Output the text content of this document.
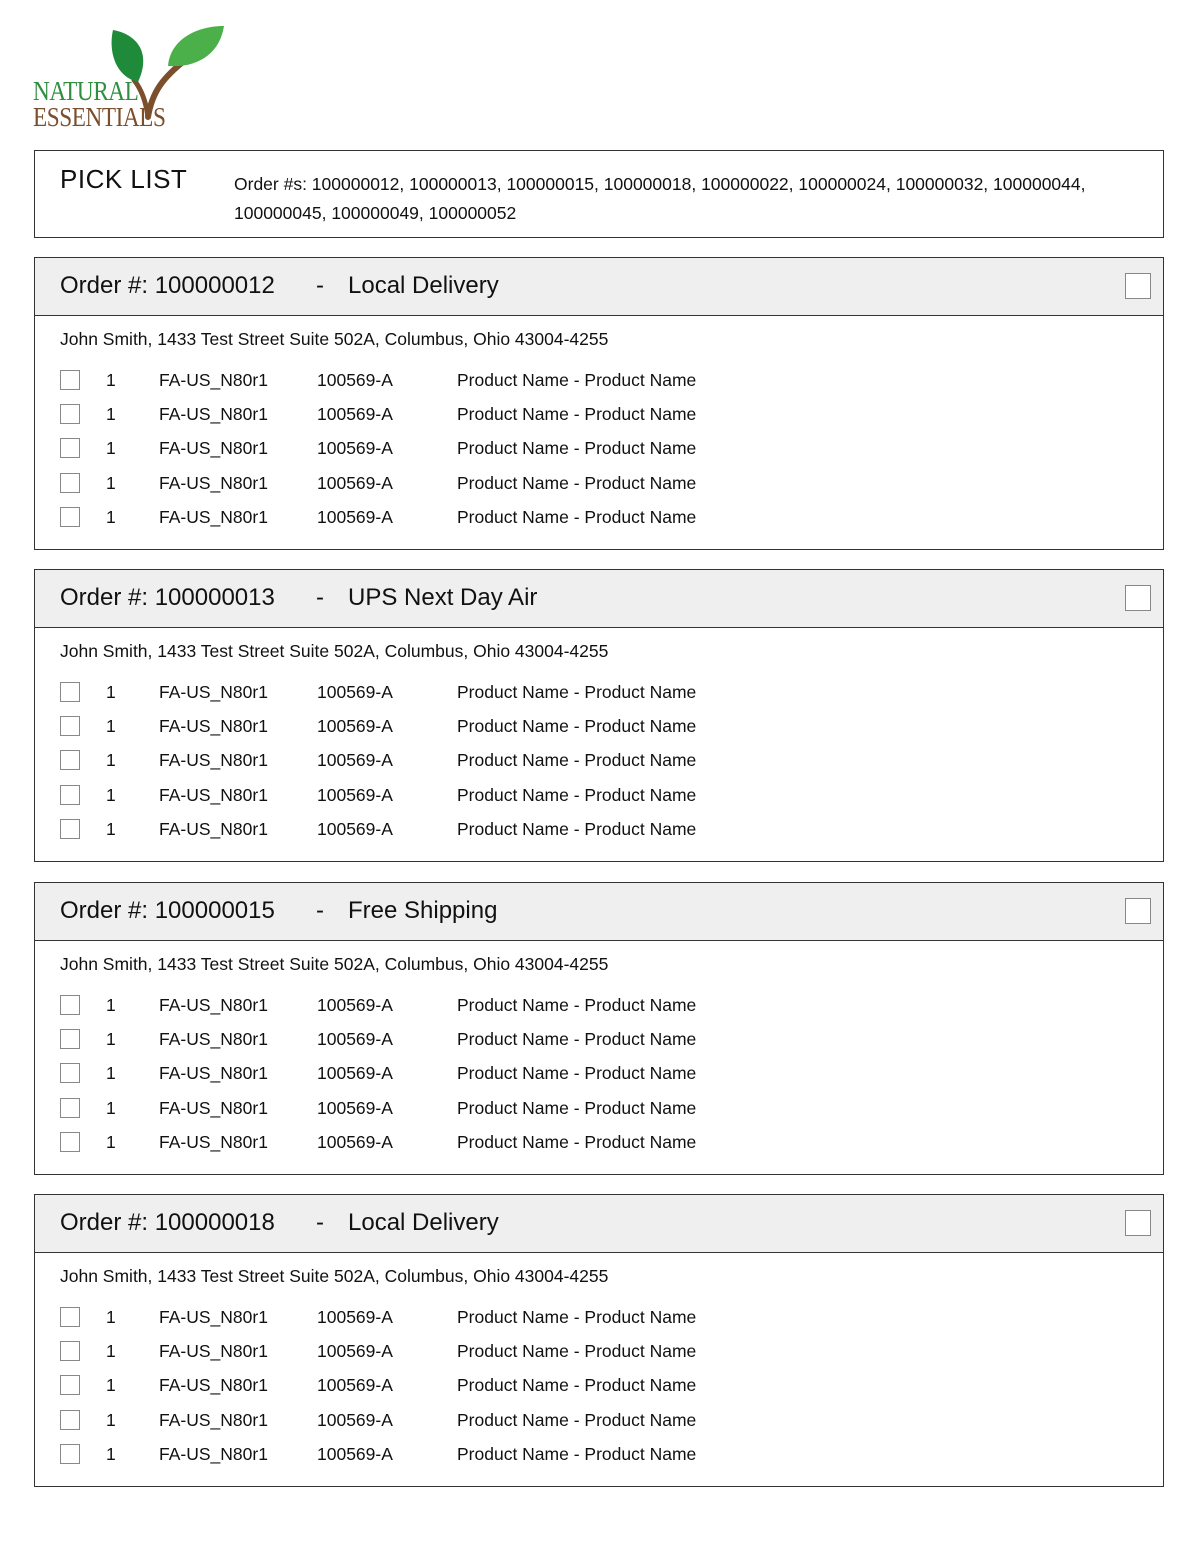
NATURAL
ESSENTIALS
PICK LIST	Order #s: 100000012, 100000013, 100000015, 100000018, 100000022, 100000024, 100000032, 100000044, 100000045, 100000049, 100000052
Order #: 100000012 - Local Delivery
John Smith, 1433 Test Street Suite 502A, Columbus, Ohio 43004-4255
1 FA-US_N80r1	100569-A	Product Name - Product Name
1 FA-US_N80r1	100569-A	Product Name - Product Name
1 FA-US_N80r1	100569-A	Product Name - Product Name
1 FA-US_N80r1	100569-A	Product Name - Product Name
1 FA-US_N80r1	100569-A	Product Name - Product Name
Order #: 100000013 - UPS Next Day Air
John Smith, 1433 Test Street Suite 502A, Columbus, Ohio 43004-4255
1 FA-US_N80r1	100569-A	Product Name - Product Name
1 FA-US_N80r1	100569-A	Product Name - Product Name
1 FA-US_N80r1	100569-A	Product Name - Product Name
1 FA-US_N80r1	100569-A	Product Name - Product Name
1 FA-US_N80r1	100569-A	Product Name - Product Name
Order #: 100000015 - Free Shipping
John Smith, 1433 Test Street Suite 502A, Columbus, Ohio 43004-4255
1 FA-US_N80r1	100569-A	Product Name - Product Name
1 FA-US_N80r1	100569-A	Product Name - Product Name
1 FA-US_N80r1	100569-A	Product Name - Product Name
1 FA-US_N80r1	100569-A	Product Name - Product Name
1 FA-US_N80r1	100569-A	Product Name - Product Name
Order #: 100000018 - Local Delivery
John Smith, 1433 Test Street Suite 502A, Columbus, Ohio 43004-4255
1 FA-US_N80r1	100569-A	Product Name - Product Name
1 FA-US_N80r1	100569-A	Product Name - Product Name
1 FA-US_N80r1	100569-A	Product Name - Product Name
1 FA-US_N80r1	100569-A	Product Name - Product Name
1 FA-US_N80r1	100569-A	Product Name - Product Name
